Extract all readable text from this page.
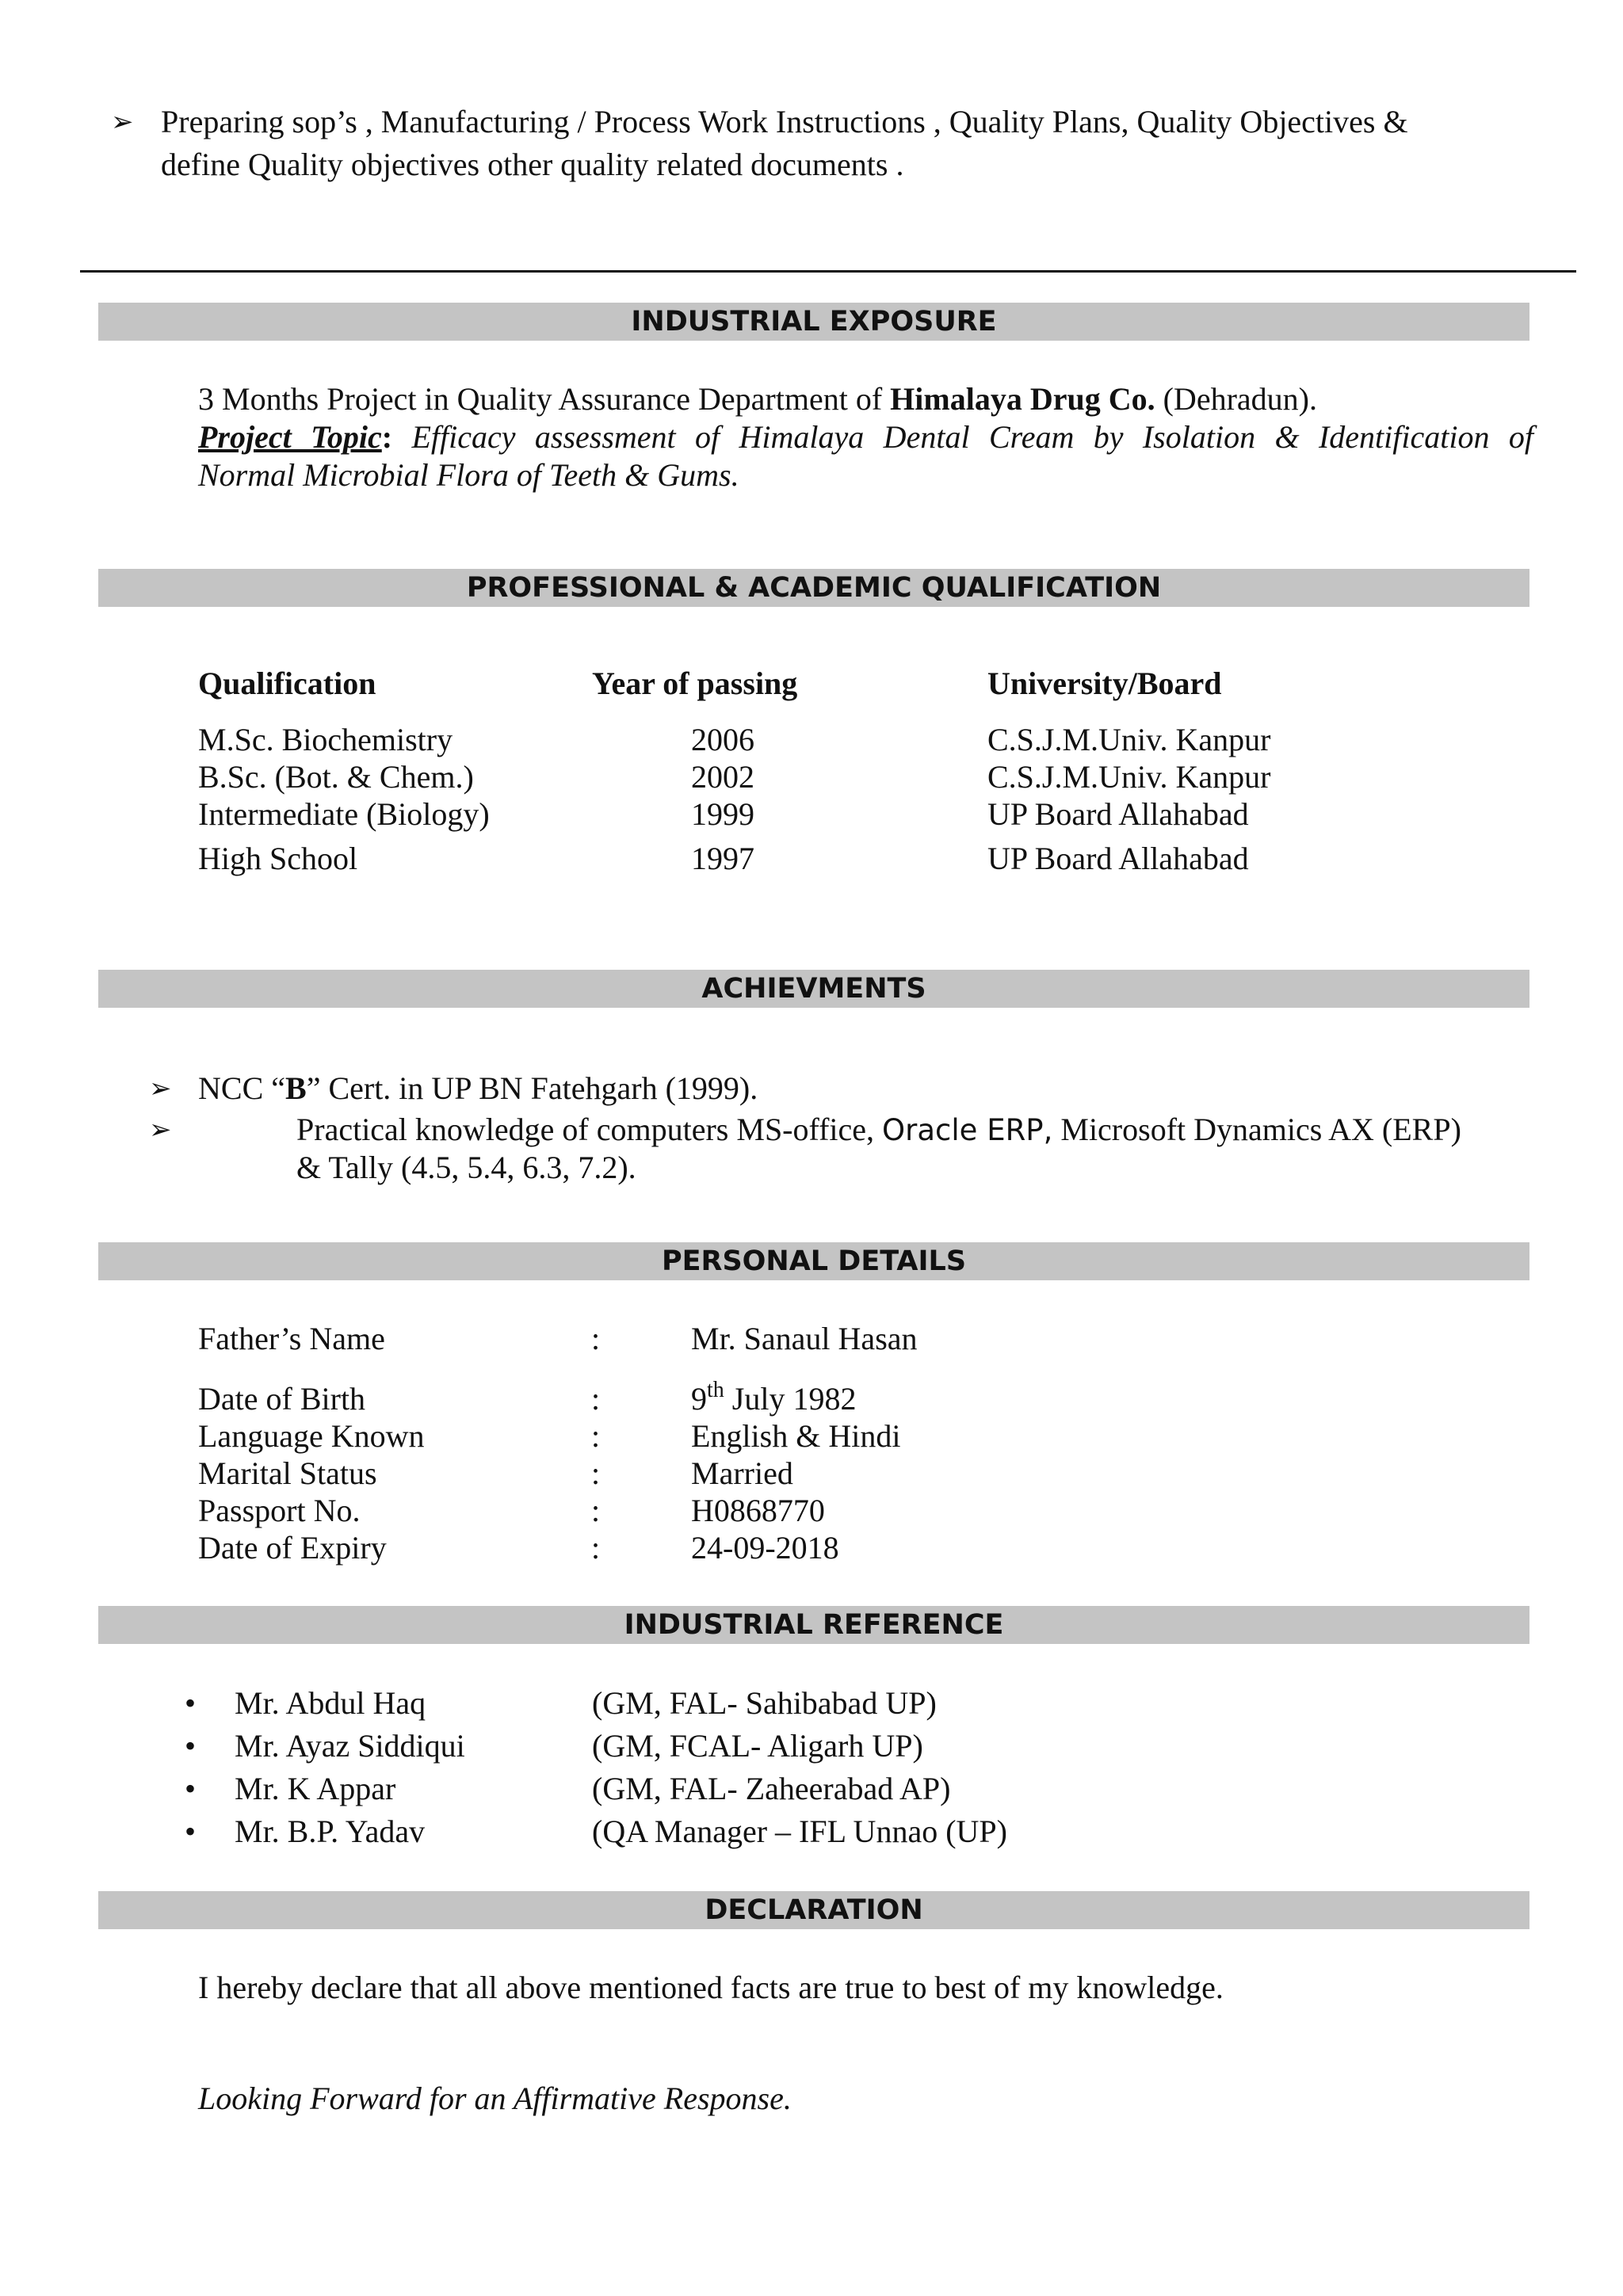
➢ Preparing sop’s , Manufacturing / Process Work Instructions , Quality Plans, Quality Objectives &
define Quality objectives other quality related documents .
INDUSTRIAL EXPOSURE
3 Months Project in Quality Assurance Department of Himalaya Drug Co. (Dehradun).
Project Topic: Efficacy assessment of Himalaya Dental Cream by Isolation & Identification of
Normal Microbial Flora of Teeth & Gums.
PROFESSIONAL & ACADEMIC QUALIFICATION
Qualification	Year of passing	University/Board
M.Sc. Biochemistry	2006	C.S.J.M.Univ. Kanpur
B.Sc. (Bot. & Chem.)	2002	C.S.J.M.Univ. Kanpur
Intermediate (Biology)	1999	UP Board Allahabad
High School	1997	UP Board Allahabad
ACHIEVMENTS
➢ NCC “B” Cert. in UP BN Fatehgarh (1999).
➢	Practical knowledge of computers MS-office, Oracle ERP, Microsoft Dynamics AX (ERP)
& Tally (4.5, 5.4, 6.3, 7.2).
PERSONAL DETAILS
Father’s Name	:	Mr. Sanaul Hasan
Date of Birth	:	9th July 1982
Language Known	:	English & Hindi
Marital Status	:	Married
Passport No.	:	H0868770
Date of Expiry	:	24-09-2018
INDUSTRIAL REFERENCE
• Mr. Abdul Haq	(GM, FAL- Sahibabad UP)
• Mr. Ayaz Siddiqui	(GM, FCAL- Aligarh UP)
• Mr. K Appar	(GM, FAL- Zaheerabad AP)
• Mr. B.P. Yadav	(QA Manager – IFL Unnao (UP)
DECLARATION
I hereby declare that all above mentioned facts are true to best of my knowledge.
Looking Forward for an Affirmative Response.
